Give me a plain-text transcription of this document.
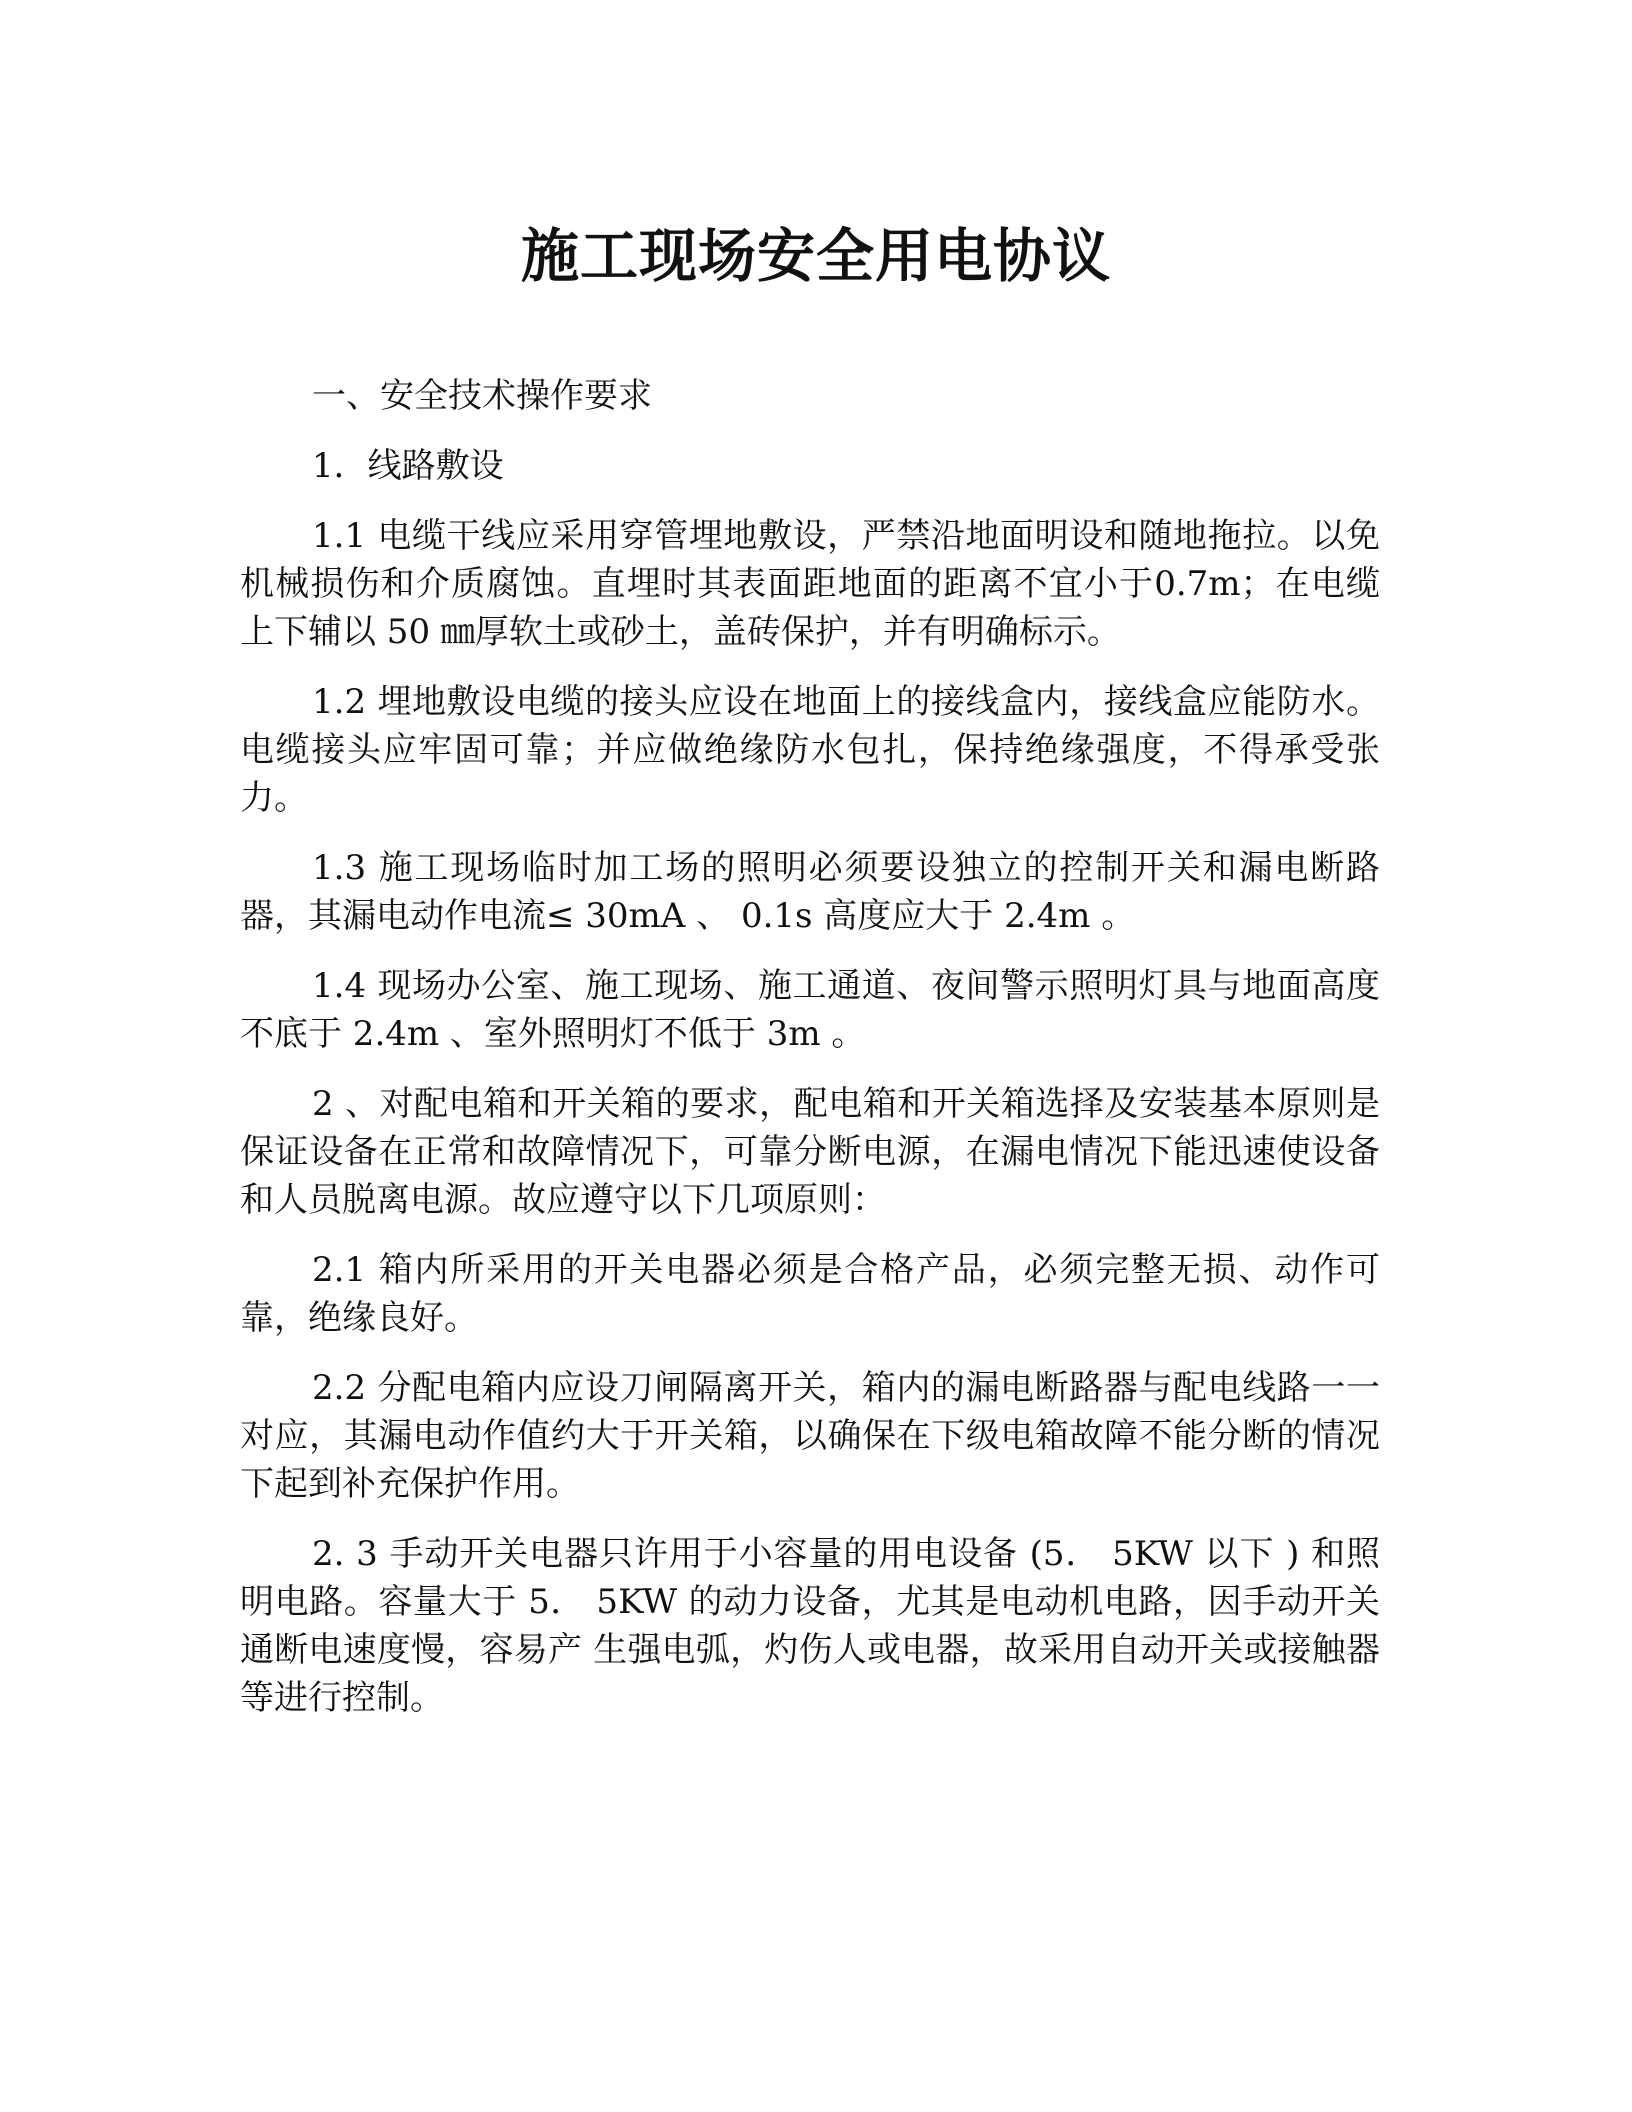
施工现场安全用电协议

一、安全技术操作要求

1．线路敷设

1.1 电缆干线应采用穿管埋地敷设，严禁沿地面明设和随地拖拉。以免机械损伤和介质腐蚀。直埋时其表面距地面的距离不宜小于0.7m；在电缆上下辅以 50 ㎜厚软土或砂土，盖砖保护，并有明确标示。

1.2 埋地敷设电缆的接头应设在地面上的接线盒内，接线盒应能防水。电缆接头应牢固可靠；并应做绝缘防水包扎，保持绝缘强度，不得承受张力。

1.3 施工现场临时加工场的照明必须要设独立的控制开关和漏电断路器，其漏电动作电流≤ 30mA 、 0.1s 高度应大于 2.4m 。

1.4 现场办公室、施工现场、施工通道、夜间警示照明灯具与地面高度不底于 2.4m 、室外照明灯不低于 3m 。

2 、对配电箱和开关箱的要求，配电箱和开关箱选择及安装基本原则是保证设备在正常和故障情况下，可靠分断电源，在漏电情况下能迅速使设备和人员脱离电源。故应遵守以下几项原则：

2.1 箱内所采用的开关电器必须是合格产品，必须完整无损、动作可靠，绝缘良好。

2.2 分配电箱内应设刀闸隔离开关，箱内的漏电断路器与配电线路一一对应，其漏电动作值约大于开关箱，以确保在下级电箱故障不能分断的情况下起到补充保护作用。

2. 3 手动开关电器只许用于小容量的用电设备 (5． 5KW 以下 ) 和照明电路。容量大于 5． 5KW 的动力设备，尤其是电动机电路，因手动开关通断电速度慢，容易产 生强电弧，灼伤人或电器，故采用自动开关或接触器等进行控制。
